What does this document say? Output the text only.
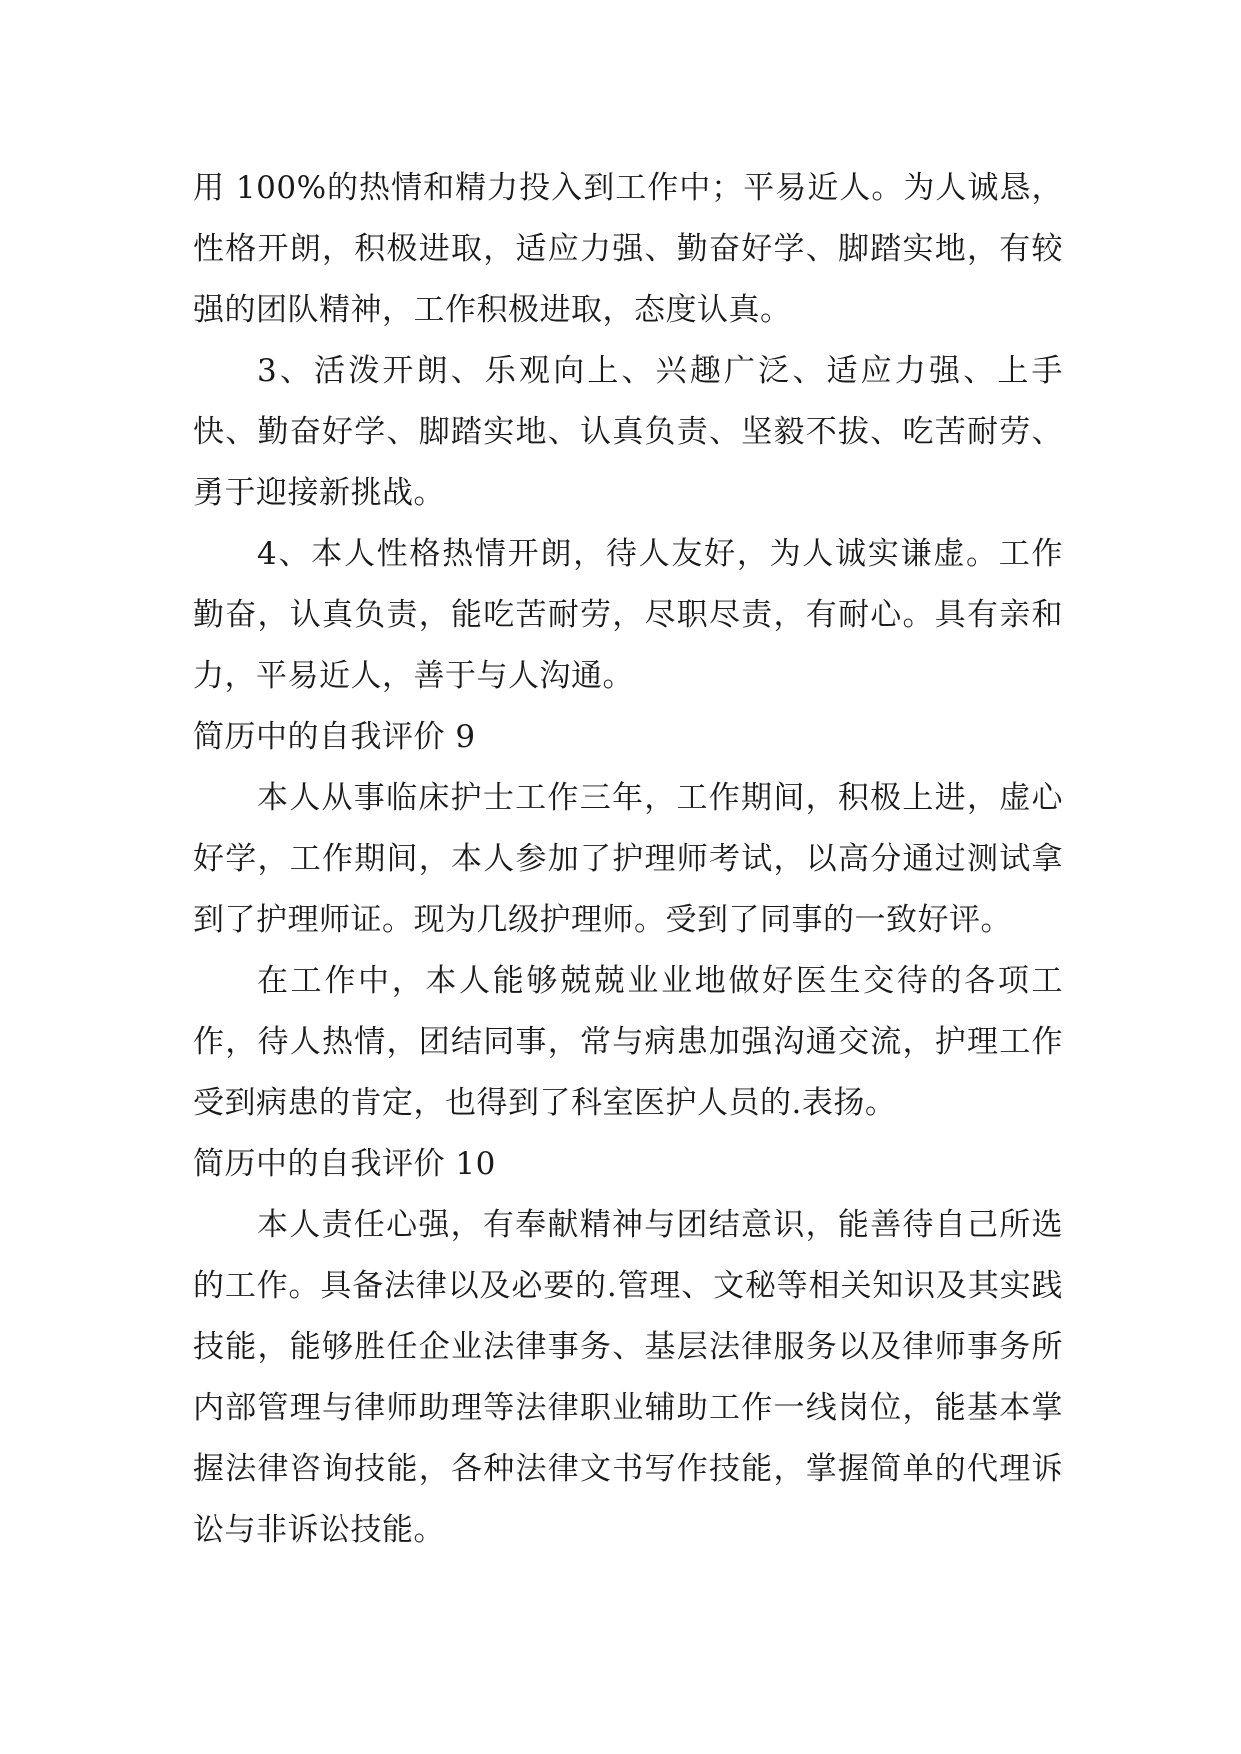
用 100%的热情和精力投入到工作中；平易近人。为人诚恳，性格开朗，积极进取，适应力强、勤奋好学、脚踏实地，有较强的团队精神，工作积极进取，态度认真。

3、活泼开朗、乐观向上、兴趣广泛、适应力强、上手快、勤奋好学、脚踏实地、认真负责、坚毅不拔、吃苦耐劳、勇于迎接新挑战。

4、本人性格热情开朗，待人友好，为人诚实谦虚。工作勤奋，认真负责，能吃苦耐劳，尽职尽责，有耐心。具有亲和力，平易近人，善于与人沟通。

简历中的自我评价 9

本人从事临床护士工作三年，工作期间，积极上进，虚心好学，工作期间，本人参加了护理师考试，以高分通过测试拿到了护理师证。现为几级护理师。受到了同事的一致好评。

在工作中，本人能够兢兢业业地做好医生交待的各项工作，待人热情，团结同事，常与病患加强沟通交流，护理工作受到病患的肯定，也得到了科室医护人员的.表扬。

简历中的自我评价 10

本人责任心强，有奉献精神与团结意识，能善待自己所选的工作。具备法律以及必要的.管理、文秘等相关知识及其实践技能，能够胜任企业法律事务、基层法律服务以及律师事务所内部管理与律师助理等法律职业辅助工作一线岗位，能基本掌握法律咨询技能，各种法律文书写作技能，掌握简单的代理诉讼与非诉讼技能。
